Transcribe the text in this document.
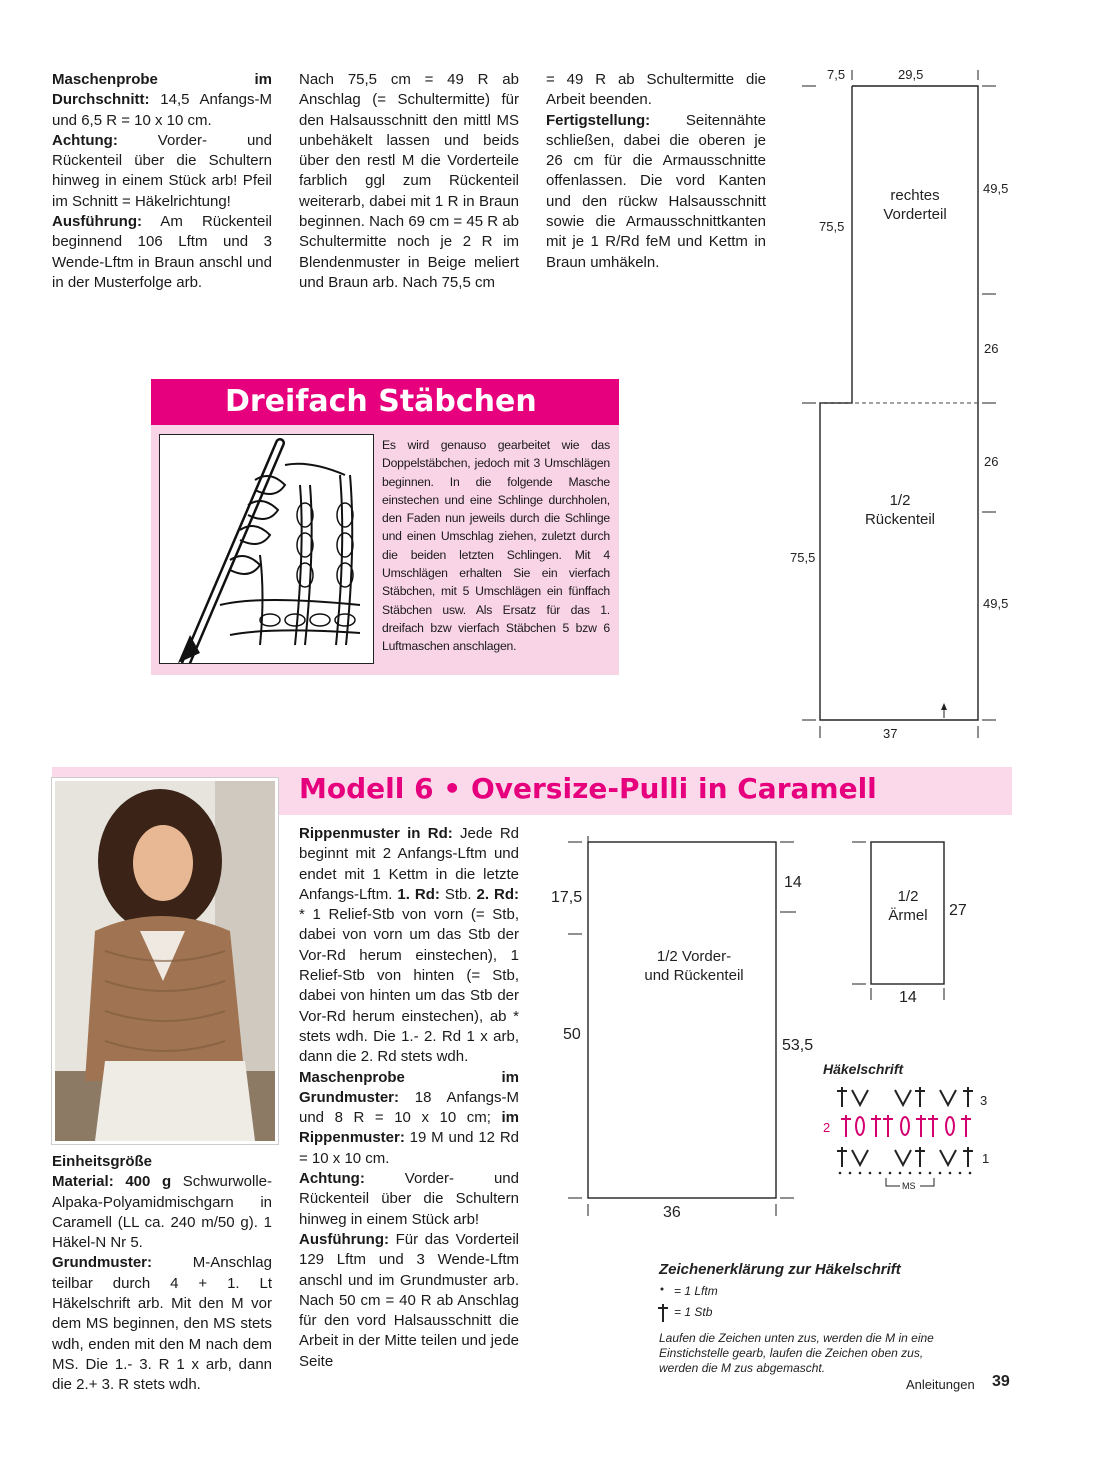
Maschenprobe im Durchschnitt: 14,5 Anfangs-M und 6,5 R = 10 x 10 cm.

Achtung: Vorder- und Rückenteil über die Schultern hinweg in einem Stück arb! Pfeil im Schnitt = Häkelrichtung!

Ausführung: Am Rückenteil beginnend 106 Lftm und 3 Wende-Lftm in Braun anschl und in der Musterfolge arb.

Nach 75,5 cm = 49 R ab Anschlag (= Schultermitte) für den Halsausschnitt den mittl MS unbehäkelt lassen und beids über den restl M die Vorderteile farblich ggl zum Rückenteil weiterarb, dabei mit 1 R in Braun beginnen. Nach 69 cm = 45 R ab Schultermitte noch je 2 R im Blendenmuster in Beige meliert und Braun arb. Nach 75,5 cm

= 49 R ab Schultermitte die Arbeit beenden.

Fertigstellung: Seitennähte schließen, dabei die oberen je 26 cm für die Armausschnitte offenlassen. Die vord Kanten und den rückw Halsausschnitt sowie die Armausschnittkanten mit je 1 R/Rd feM und Kettm in Braun umhäkeln.

7,5	29,5
75,5
75,5
49,5
26
26
49,5
37
rechtes
Vorderteil
1/2
Rückenteil
Dreifach Stäbchen
Es wird genauso gearbeitet wie das Doppelstäbchen, jedoch mit 3 Umschlägen beginnen. In die folgende Masche einstechen und eine Schlinge durchholen, den Faden nun jeweils durch die Schlinge und einen Umschlag ziehen, zuletzt durch die beiden letzten Schlingen. Mit 4 Umschlägen erhalten Sie ein vierfach Stäbchen, mit 5 Umschlägen ein fünffach Stäbchen usw. Als Ersatz für das 1. dreifach bzw vierfach Stäbchen 5 bzw 6 Luftmaschen anschlagen.
Modell 6 • Oversize-Pulli in Caramell

Einheitsgröße

Material: 400 g Schwurwolle-Alpaka-Polyamidmischgarn in Caramell (LL ca. 240 m/50 g). 1 Häkel-N Nr 5.

Grundmuster: M-Anschlag teilbar durch 4 + 1. Lt Häkelschrift arb. Mit den M vor dem MS beginnen, den MS stets wdh, enden mit den M nach dem MS. Die 1.- 3. R 1 x arb, dann die 2.+ 3. R stets wdh.

Rippenmuster in Rd: Jede Rd beginnt mit 2 Anfangs-Lftm und endet mit 1 Kettm in die letzte Anfangs-Lftm. 1. Rd: Stb. 2. Rd: * 1 Relief-Stb von vorn (= Stb, dabei von vorn um das Stb der Vor-Rd herum einstechen), 1 Relief-Stb von hinten (= Stb, dabei von hinten um das Stb der Vor-Rd herum einstechen), ab * stets wdh. Die 1.- 2. Rd 1 x arb, dann die 2. Rd stets wdh.

Maschenprobe im Grundmuster: 18 Anfangs-M und 8 R = 10 x 10 cm; im Rippenmuster: 19 M und 12 Rd = 10 x 10 cm.

Achtung: Vorder- und Rückenteil über die Schultern hinweg in einem Stück arb!

Ausführung: Für das Vorderteil 129 Lftm und 3 Wende-Lftm anschl und im Grundmuster arb. Nach 50 cm = 40 R ab Anschlag für den vord Halsausschnitt die Arbeit in der Mitte teilen und jede Seite

17,5
50
14
53,5
36
27
14
1/2 Vorder-
und Rückenteil
1/2
Ärmel
Häkelschrift
3
2
1
MS
Zeichenerklärung zur Häkelschrift
= 1 Lftm
= 1 Stb
Laufen die Zeichen unten zus, werden die M in eine Einstichstelle gearb, laufen die Zeichen oben zus, werden die M zus abgemascht.
Anleitungen 39
